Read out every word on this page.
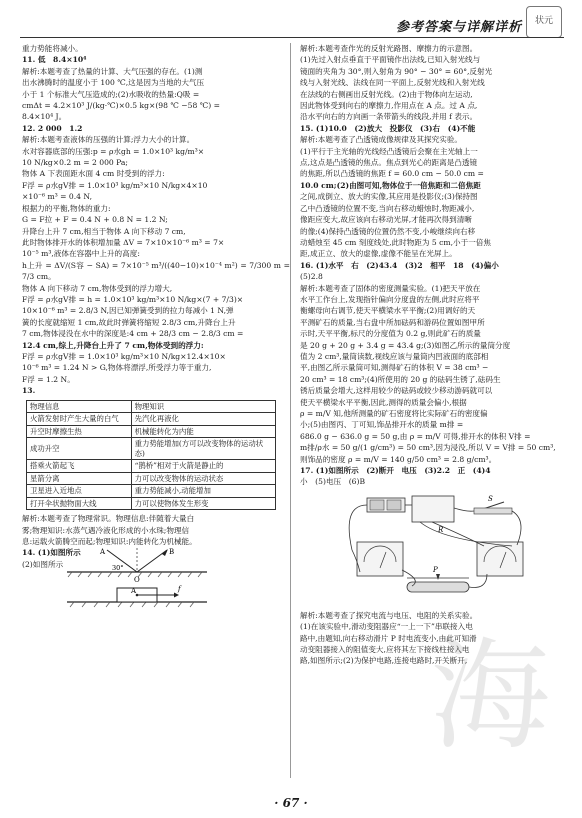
参考答案与详解详析	状元

重力势能将减小。

11. 低　8.4×10⁴

解析:本题考查了热量的计算、大气压强的存在。(1)测

出水沸腾时的温度小于 100 ℃,这是因为当地的大气压

小于 1 个标准大气压造成的;(2)水吸收的热量:Q吸 =

cmΔt = 4.2×10³ J/(kg·℃)×0.5 kg×(98 ℃ −58 ℃) =

8.4×10⁴ J。

12. 2 000　1.2

解析:本题考查液体的压强的计算;浮力大小的计算。

水对容器底部的压强:p = ρ水gh = 1.0×10³ kg/m³×

10 N/kg×0.2 m = 2 000 Pa;

物体 A 下表面距水面 4 cm 时受到的浮力:

F浮 = ρ水gV排 = 1.0×10³ kg/m³×10 N/kg×4×10

×10⁻⁶ m³ = 0.4 N,

根据力的平衡,物体的重力:

G = F拉 + F = 0.4 N + 0.8 N = 1.2 N;

升降台上升 7 cm,相当于物体 A 向下移动 7 cm,

此时物体排开水的体积增加量 ΔV = 7×10×10⁻⁶ m³ = 7×

10⁻⁵ m³,液体在容器中上升的高度:

h上升 = ΔV/(S容 − SA) = 7×10⁻⁵ m³/((40−10)×10⁻⁴ m²) = 7/300 m = 7/3 cm。

物体 A 向下移动 7 cm,物体受到的浮力增大,

F浮 = ρ水gV排 = h = 1.0×10³ kg/m³×10 N/kg×(7 + 7/3)×

10×10⁻⁶ m³ = 2.8/3 N,因已知弹簧受到的拉力每减小 1 N,弹

簧的长度就缩短 1 cm,故此时弹簧将缩短 2.8/3 cm,升降台上升

7 cm,物体浸没在水中的深度是:4 cm + 28/3 cm − 2.8/3 cm =

12.4 cm,综上,升降台上升了 7 cm,物体受到的浮力:

F浮 = ρ水gV排 = 1.0×10³ kg/m³×10 N/kg×12.4×10×

10⁻⁶ m³ = 1.24 N > G,物体将漂浮,所受浮力等于重力,

F浮 = 1.2 N。

13.

物理信息	物理知识
火箭发射时产生大量的白气	先汽化再液化
升空时摩擦生热	机械能转化为内能
成功升空	重力势能增加(方可以改变物体的运动状态)
搭乘火箭起飞	“鹊桥”相对于火箭是静止的
星箭分离	力可以改变物体的运动状态
卫星进入近地点	重力势能减小,动能增加
打开伞状抛物面大线	力可以使物体发生形变

解析:本题考查了物理常识。物理信息:伴随着大量白

雾;物理知识:水蒸气遇冷液化形成的小水珠;物理信

息:运载火箭腾空而起;物理知识:内能转化为机械能。

14. (1)如图所示

(2)如图所示

A	B
O
30°
A	f

解析:本题考查作光的反射光路图、摩擦力的示意图。

(1)先过入射点垂直于平面镜作出法线,已知入射光线与

镜面的夹角为 30°,则入射角为 90° − 30° = 60°,反射光

线与入射光线、法线在同一平面上,反射光线和入射光线

在法线的右侧画出反射光线。(2)由于物体向左运动,

因此物体受到向右的摩擦力,作用点在 A 点。过 A 点,

沿水平向右的方向画一条带箭头的线段,并用 f 表示。

15. (1)10.0　(2)放大　投影仪　(3)右　(4)不能

解析:本题考查了凸透镜成像规律及其探究实验。

(1)平行于主光轴的光线经凸透镜后会聚在主光轴上一

点,这点是凸透镜的焦点。焦点到光心的距离是凸透镜

的焦距,所以凸透镜的焦距 f = 60.0 cm − 50.0 cm =

10.0 cm;(2)由图可知,物体位于一倍焦距和二倍焦距

之间,成倒立、放大的实像,其应用是投影仪;(3)保持图

乙中凸透镜的位置不变,当向右移动蜡烛时,物距减小,

像距应变大,故应该向右移动光屏,才能再次得到清晰

的像;(4)保持凸透镜的位置仍然不变,小峻继续向右移

动蜡烛至 45 cm 刻度线处,此时物距为 5 cm,小于一倍焦

距,成正立、放大的虚像,虚像不能呈在光屏上。

16. (1)水平　右　(2)43.4　(3)2　相平　18　(4)偏小

(5)2.8

解析:本题考查了固体的密度测量实验。(1)把天平放在

水平工作台上,发现指针偏向分度盘的左侧,此时应将平

衡螺母向右调节,使天平横梁水平平衡;(2)用调好的天

平测矿石的质量,当右盘中所加砝码和游码位置如图甲所

示时,天平平衡,标尺的分度值为 0.2 g,则此矿石的质量

是 20 g + 20 g + 3.4 g = 43.4 g;(3)如图乙所示的量筒分度

值为 2 cm³,量筒读数,视线应该与量筒内凹液面的底部相

平,由图乙所示量筒可知,测得矿石的体积 V = 38 cm³ −

20 cm³ = 18 cm³;(4)所使用的 20 g 的砝码生锈了,砝码生

锈后质量会增大,这样用较少的砝码或较少移动游码就可以

使天平横梁水平平衡,因此,测得的质量会偏小,根据

ρ = m/V 知,他所测量的矿石密度将比实际矿石的密度偏

小;(5)由图丙、丁可知,饰品排开水的质量 m排 =

686.0 g − 636.0 g = 50 g,由 ρ = m/V 可得,排开水的体积 V排 =

m排/ρ水 = 50 g/(1 g/cm³) = 50 cm³,因为浸没,所以 V = V排 = 50 cm³,

则饰品的密度 ρ = m/V = 140 g/50 cm³ = 2.8 g/cm³。

17. (1)如图所示　(2)断开　电压　(3)2.2　正　(4)4

小　(5)电压　(6)B

R
S
P

解析:本题考查了探究电流与电压、电阻的关系实验。

(1)在该实验中,滑动变阻器应“一上一下”串联接入电

路中,由题知,向右移动滑片 P 时电流变小,由此可知滑

动变阻器接入的阻值变大,应将其左下接线柱接入电

路,如图所示;(2)为保护电路,连接电路时,开关断开,

海
· 67 ·
